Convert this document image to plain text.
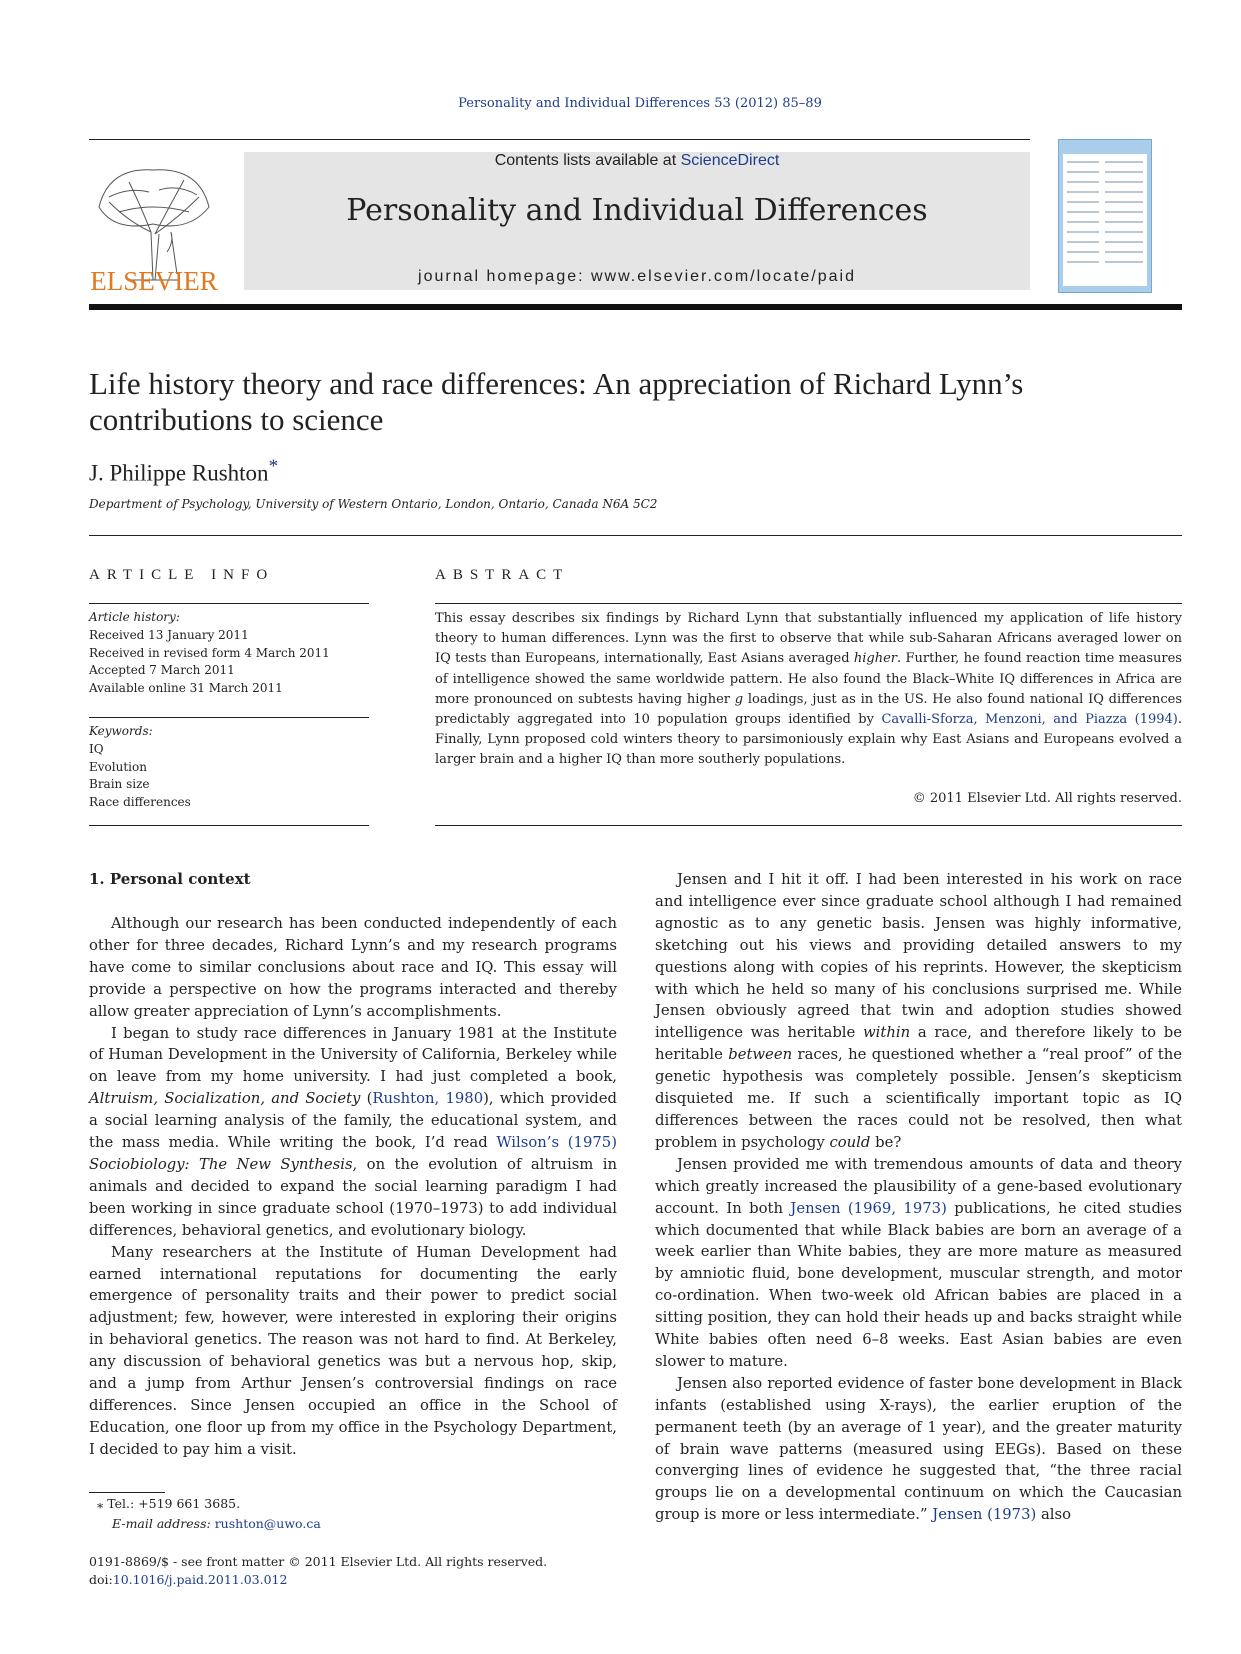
Personality and Individual Differences 53 (2012) 85–89
ELSEVIER
Contents lists available at ScienceDirect
Personality and Individual Differences
journal homepage: www.elsevier.com/locate/paid
Life history theory and race differences: An appreciation of Richard Lynn’s contributions to science
J. Philippe Rushton*
Department of Psychology, University of Western Ontario, London, Ontario, Canada N6A 5C2
ARTICLE INFO
Article history:
Received 13 January 2011
Received in revised form 4 March 2011
Accepted 7 March 2011
Available online 31 March 2011
Keywords:
IQ
Evolution
Brain size
Race differences
ABSTRACT

This essay describes six findings by Richard Lynn that substantially influenced my application of life history theory to human differences. Lynn was the first to observe that while sub-Saharan Africans averaged lower on IQ tests than Europeans, internationally, East Asians averaged higher. Further, he found reaction time measures of intelligence showed the same worldwide pattern. He also found the Black–White IQ differences in Africa are more pronounced on subtests having higher g loadings, just as in the US. He also found national IQ differences predictably aggregated into 10 population groups identified by Cavalli-Sforza, Menzoni, and Piazza (1994). Finally, Lynn proposed cold winters theory to parsimoniously explain why East Asians and Europeans evolved a larger brain and a higher IQ than more southerly populations.

© 2011 Elsevier Ltd. All rights reserved.
1. Personal context

Although our research has been conducted independently of each other for three decades, Richard Lynn’s and my research programs have come to similar conclusions about race and IQ. This essay will provide a perspective on how the programs interacted and thereby allow greater appreciation of Lynn’s accomplishments.

I began to study race differences in January 1981 at the Institute of Human Development in the University of California, Berkeley while on leave from my home university. I had just completed a book, Altruism, Socialization, and Society (Rushton, 1980), which provided a social learning analysis of the family, the educational system, and the mass media. While writing the book, I’d read Wilson’s (1975) Sociobiology: The New Synthesis, on the evolution of altruism in animals and decided to expand the social learning paradigm I had been working in since graduate school (1970–1973) to add individual differences, behavioral genetics, and evolutionary biology.

Many researchers at the Institute of Human Development had earned international reputations for documenting the early emergence of personality traits and their power to predict social adjustment; few, however, were interested in exploring their origins in behavioral genetics. The reason was not hard to find. At Berkeley, any discussion of behavioral genetics was but a nervous hop, skip, and a jump from Arthur Jensen’s controversial findings on race differences. Since Jensen occupied an office in the School of Education, one floor up from my office in the Psychology Department, I decided to pay him a visit.

Jensen and I hit it off. I had been interested in his work on race and intelligence ever since graduate school although I had remained agnostic as to any genetic basis. Jensen was highly informative, sketching out his views and providing detailed answers to my questions along with copies of his reprints. However, the skepticism with which he held so many of his conclusions surprised me. While Jensen obviously agreed that twin and adoption studies showed intelligence was heritable within a race, and therefore likely to be heritable between races, he questioned whether a “real proof” of the genetic hypothesis was completely possible. Jensen’s skepticism disquieted me. If such a scientifically important topic as IQ differences between the races could not be resolved, then what problem in psychology could be?

Jensen provided me with tremendous amounts of data and theory which greatly increased the plausibility of a gene-based evolutionary account. In both Jensen (1969, 1973) publications, he cited studies which documented that while Black babies are born an average of a week earlier than White babies, they are more mature as measured by amniotic fluid, bone development, muscular strength, and motor co-ordination. When two-week old African babies are placed in a sitting position, they can hold their heads up and backs straight while White babies often need 6–8 weeks. East Asian babies are even slower to mature.

Jensen also reported evidence of faster bone development in Black infants (established using X-rays), the earlier eruption of the permanent teeth (by an average of 1 year), and the greater maturity of brain wave patterns (measured using EEGs). Based on these converging lines of evidence he suggested that, “the three racial groups lie on a developmental continuum on which the Caucasian group is more or less intermediate.” Jensen (1973) also

⁎ Tel.: +519 661 3685.
E-mail address: rushton@uwo.ca
0191-8869/$ - see front matter © 2011 Elsevier Ltd. All rights reserved.
doi:10.1016/j.paid.2011.03.012
